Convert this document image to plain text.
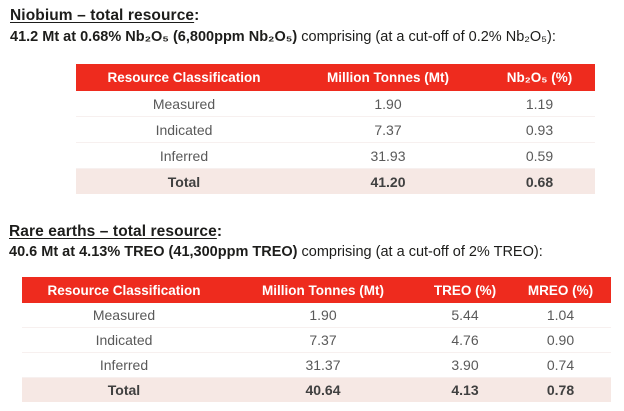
Niobium – total resource:

41.2 Mt at 0.68% Nb₂O₅ (6,800ppm Nb₂O₅) comprising (at a cut-off of 0.2% Nb₂O₅):

Resource Classification	Million Tonnes (Mt)	Nb₂O₅ (%)
Measured	1.90	1.19
Indicated	7.37	0.93
Inferred	31.93	0.59
Total	41.20	0.68
Rare earths – total resource:

40.6 Mt at 4.13% TREO (41,300ppm TREO) comprising (at a cut-off of 2% TREO):

Resource Classification	Million Tonnes (Mt)	TREO (%)	MREO (%)
Measured	1.90	5.44	1.04
Indicated	7.37	4.76	0.90
Inferred	31.37	3.90	0.74
Total	40.64	4.13	0.78
